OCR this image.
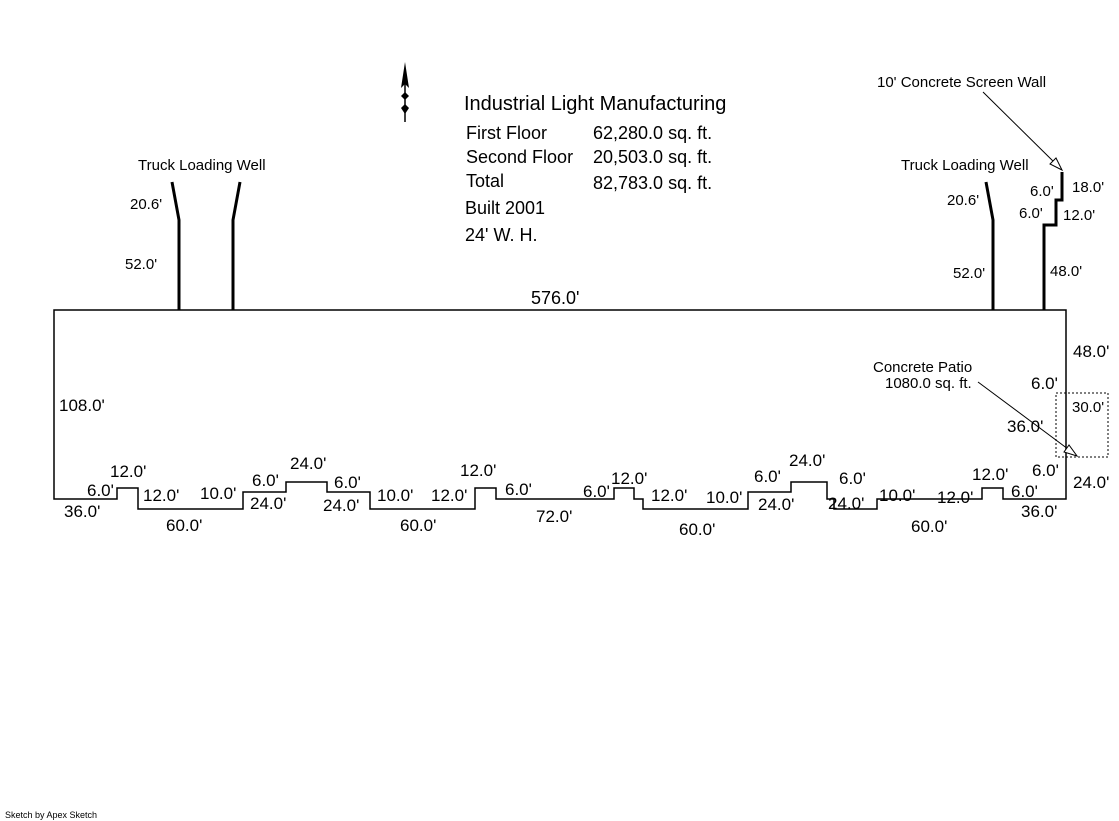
Industrial Light Manufacturing
First Floor	62,280.0 sq. ft.
Second Floor 20,503.0 sq. ft.
Total	82,783.0 sq. ft.
Built 2001
24' W. H.
Truck Loading Well	Truck Loading Well
10' Concrete Screen Wall
Concrete Patio
1080.0 sq. ft.
20.6'
52.0'
20.6'
52.0'
18.0'
6.0'
6.0' 12.0'
48.0'
576.0'
108.0'
48.0'
24.0'
6.0'
36.0'
30.0'
36.0'
6.0'
12.0'
12.0'
60.0'
10.0'
6.0'
24.0'
24.0'
6.0'
24.0'
10.0'
60.0'
12.0'
12.0'
6.0'
72.0'
6.0'
12.0'
12.0'
60.0'
10.0'
6.0'
24.0'
24.0'
6.0'
24.0' 10.0'
60.0'
12.0'
12.0'
6.0'
36.0'
6.0'
Sketch by Apex Sketch
